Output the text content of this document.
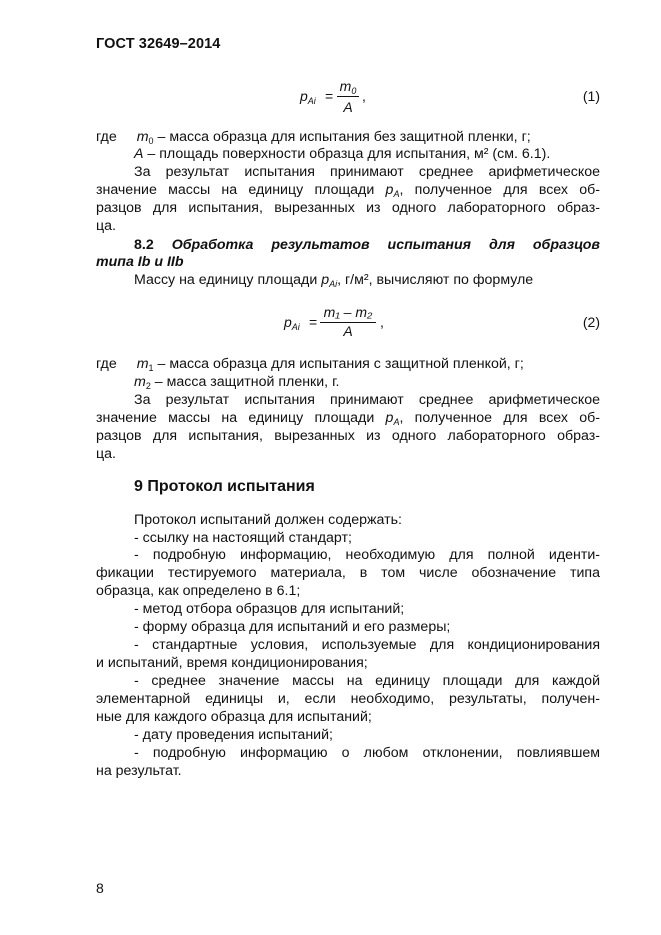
ГОСТ 32649–2014
$p_{Ai}$ =
$m_0$
A
,	(1)
где $m_0$ – масса образца для испытания без защитной пленки, г;
A – площадь поверхности образца для испытания, м² (см. 6.1).
За результат испытания принимают среднее арифметическое
значение массы на единицу площади $p_A$, полученное для всех об-
разцов для испытания, вырезанных из одного лабораторного образ-
ца.
8.2 Обработка результатов испытания для образцов
типа Ib и IIb
Массу на единицу площади $p_{Ai}$, г/м², вычисляют по формуле
$p_{Ai}$ =
m₁ – m₂
A
,	(2)
где $m_1$ – масса образца для испытания с защитной пленкой, г;
$m_2$ – масса защитной пленки, г.
За результат испытания принимают среднее арифметическое
значение массы на единицу площади $p_A$, полученное для всех об-
разцов для испытания, вырезанных из одного лабораторного образ-
ца.
9 Протокол испытания
Протокол испытаний должен содержать:
- ссылку на настоящий стандарт;
- подробную информацию, необходимую для полной иденти-
фикации тестируемого материала, в том числе обозначение типа
образца, как определено в 6.1;
- метод отбора образцов для испытаний;
- форму образца для испытаний и его размеры;
- стандартные условия, используемые для кондиционирования
и испытаний, время кондиционирования;
- среднее значение массы на единицу площади для каждой
элементарной единицы и, если необходимо, результаты, получен-
ные для каждого образца для испытаний;
- дату проведения испытаний;
- подробную информацию о любом отклонении, повлиявшем
на результат.
8
